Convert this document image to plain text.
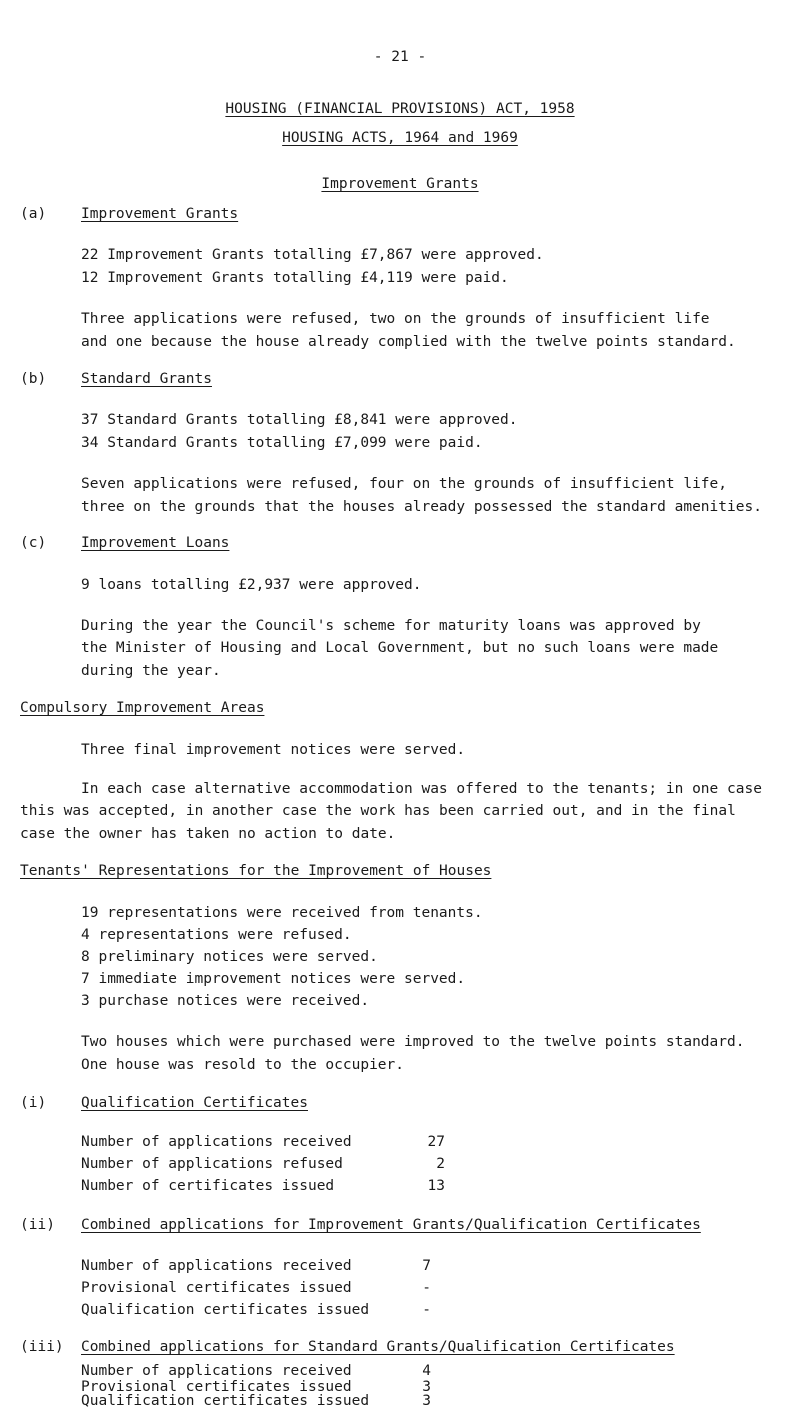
- 21 -
HOUSING (FINANCIAL PROVISIONS) ACT, 1958
HOUSING ACTS, 1964 and 1969
Improvement Grants
(a) Improvement Grants
22 Improvement Grants totalling £7,867 were approved.
12 Improvement Grants totalling £4,119 were paid.
Three applications were refused, two on the grounds of insufficient life
and one because the house already complied with the twelve points standard.
(b) Standard Grants
37 Standard Grants totalling £8,841 were approved.
34 Standard Grants totalling £7,099 were paid.
Seven applications were refused, four on the grounds of insufficient life,
three on the grounds that the houses already possessed the standard amenities.
(c) Improvement Loans
9 loans totalling £2,937 were approved.
During the year the Council's scheme for maturity loans was approved by
the Minister of Housing and Local Government, but no such loans were made
during the year.
Compulsory Improvement Areas
Three final improvement notices were served.
In each case alternative accommodation was offered to the tenants; in one case
this was accepted, in another case the work has been carried out, and in the final
case the owner has taken no action to date.
Tenants' Representations for the Improvement of Houses
19 representations were received from tenants.
4 representations were refused.
8 preliminary notices were served.
7 immediate improvement notices were served.
3 purchase notices were received.
Two houses which were purchased were improved to the twelve points standard.
One house was resold to the occupier.
(i) Qualification Certificates
Number of applications received	27
Number of applications refused	2
Number of certificates issued	13
(ii) Combined applications for Improvement Grants/Qualification Certificates
Number of applications received	7
Provisional certificates issued	-
Qualification certificates issued	-
(iii) Combined applications for Standard Grants/Qualification Certificates
Number of applications received	4
Provisional certificates issued	3
Qualification certificates issued	3
